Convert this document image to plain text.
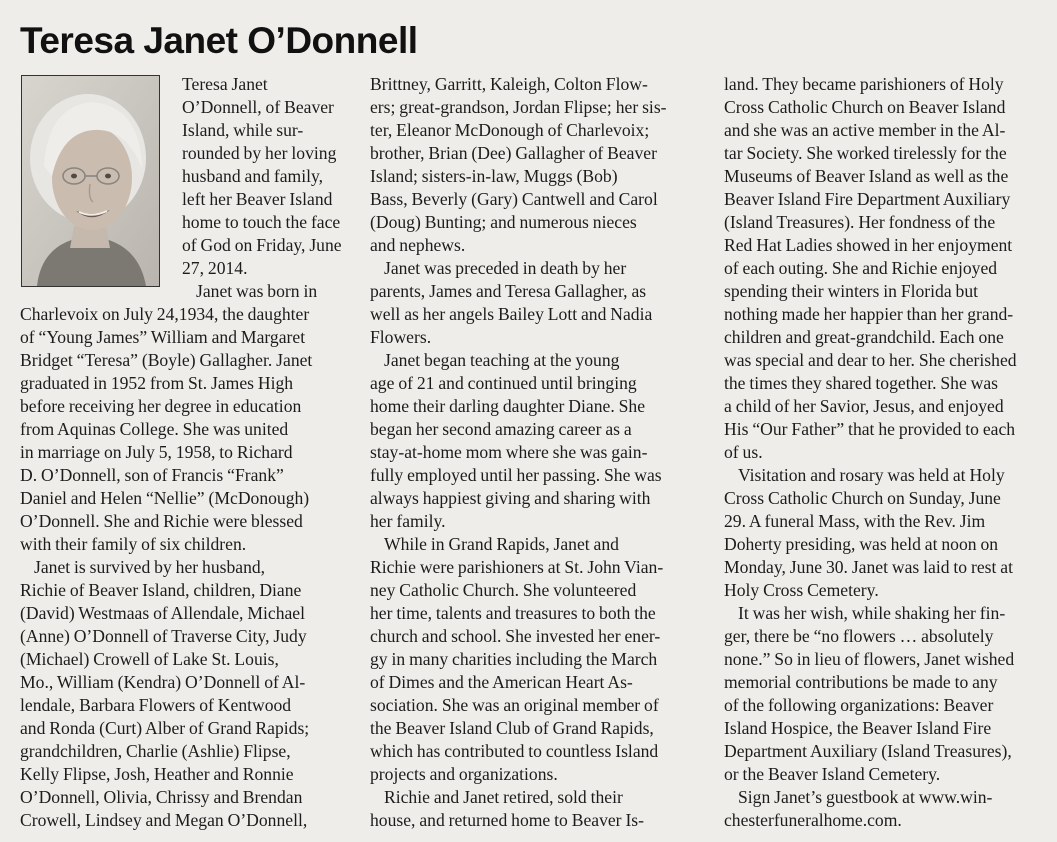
Teresa Janet O’Donnell

Teresa Janet

O’Donnell, of Beaver

Island, while sur-

rounded by her loving

husband and family,

left her Beaver Island

home to touch the face

of God on Friday, June

27, 2014.

Janet was born in

Charlevoix on July 24,1934, the daughter

of “Young James” William and Margaret

Bridget “Teresa” (Boyle) Gallagher. Janet

graduated in 1952 from St. James High

before receiving her degree in education

from Aquinas College. She was united

in marriage on July 5, 1958, to Richard

D. O’Donnell, son of Francis “Frank”

Daniel and Helen “Nellie” (McDonough)

O’Donnell. She and Richie were blessed

with their family of six children.

Janet is survived by her husband,

Richie of Beaver Island, children, Diane

(David) Westmaas of Allendale, Michael

(Anne) O’Donnell of Traverse City, Judy

(Michael) Crowell of Lake St. Louis,

Mo., William (Kendra) O’Donnell of Al-

lendale, Barbara Flowers of Kentwood

and Ronda (Curt) Alber of Grand Rapids;

grandchildren, Charlie (Ashlie) Flipse,

Kelly Flipse, Josh, Heather and Ronnie

O’Donnell, Olivia, Chrissy and Brendan

Crowell, Lindsey and Megan O’Donnell,

Brittney, Garritt, Kaleigh, Colton Flow-

ers; great-grandson, Jordan Flipse; her sis-

ter, Eleanor McDonough of Charlevoix;

brother, Brian (Dee) Gallagher of Beaver

Island; sisters-in-law, Muggs (Bob)

Bass, Beverly (Gary) Cantwell and Carol

(Doug) Bunting; and numerous nieces

and nephews.

Janet was preceded in death by her

parents, James and Teresa Gallagher, as

well as her angels Bailey Lott and Nadia

Flowers.

Janet began teaching at the young

age of 21 and continued until bringing

home their darling daughter Diane. She

began her second amazing career as a

stay-at-home mom where she was gain-

fully employed until her passing. She was

always happiest giving and sharing with

her family.

While in Grand Rapids, Janet and

Richie were parishioners at St. John Vian-

ney Catholic Church. She volunteered

her time, talents and treasures to both the

church and school. She invested her ener-

gy in many charities including the March

of Dimes and the American Heart As-

sociation. She was an original member of

the Beaver Island Club of Grand Rapids,

which has contributed to countless Island

projects and organizations.

Richie and Janet retired, sold their

house, and returned home to Beaver Is-

land. They became parishioners of Holy

Cross Catholic Church on Beaver Island

and she was an active member in the Al-

tar Society. She worked tirelessly for the

Museums of Beaver Island as well as the

Beaver Island Fire Department Auxiliary

(Island Treasures). Her fondness of the

Red Hat Ladies showed in her enjoyment

of each outing. She and Richie enjoyed

spending their winters in Florida but

nothing made her happier than her grand-

children and great-grandchild. Each one

was special and dear to her. She cherished

the times they shared together. She was

a child of her Savior, Jesus, and enjoyed

His “Our Father” that he provided to each

of us.

Visitation and rosary was held at Holy

Cross Catholic Church on Sunday, June

29. A funeral Mass, with the Rev. Jim

Doherty presiding, was held at noon on

Monday, June 30. Janet was laid to rest at

Holy Cross Cemetery.

It was her wish, while shaking her fin-

ger, there be “no flowers … absolutely

none.” So in lieu of flowers, Janet wished

memorial contributions be made to any

of the following organizations: Beaver

Island Hospice, the Beaver Island Fire

Department Auxiliary (Island Treasures),

or the Beaver Island Cemetery.

Sign Janet’s guestbook at www.win-

chesterfuneralhome.com.
